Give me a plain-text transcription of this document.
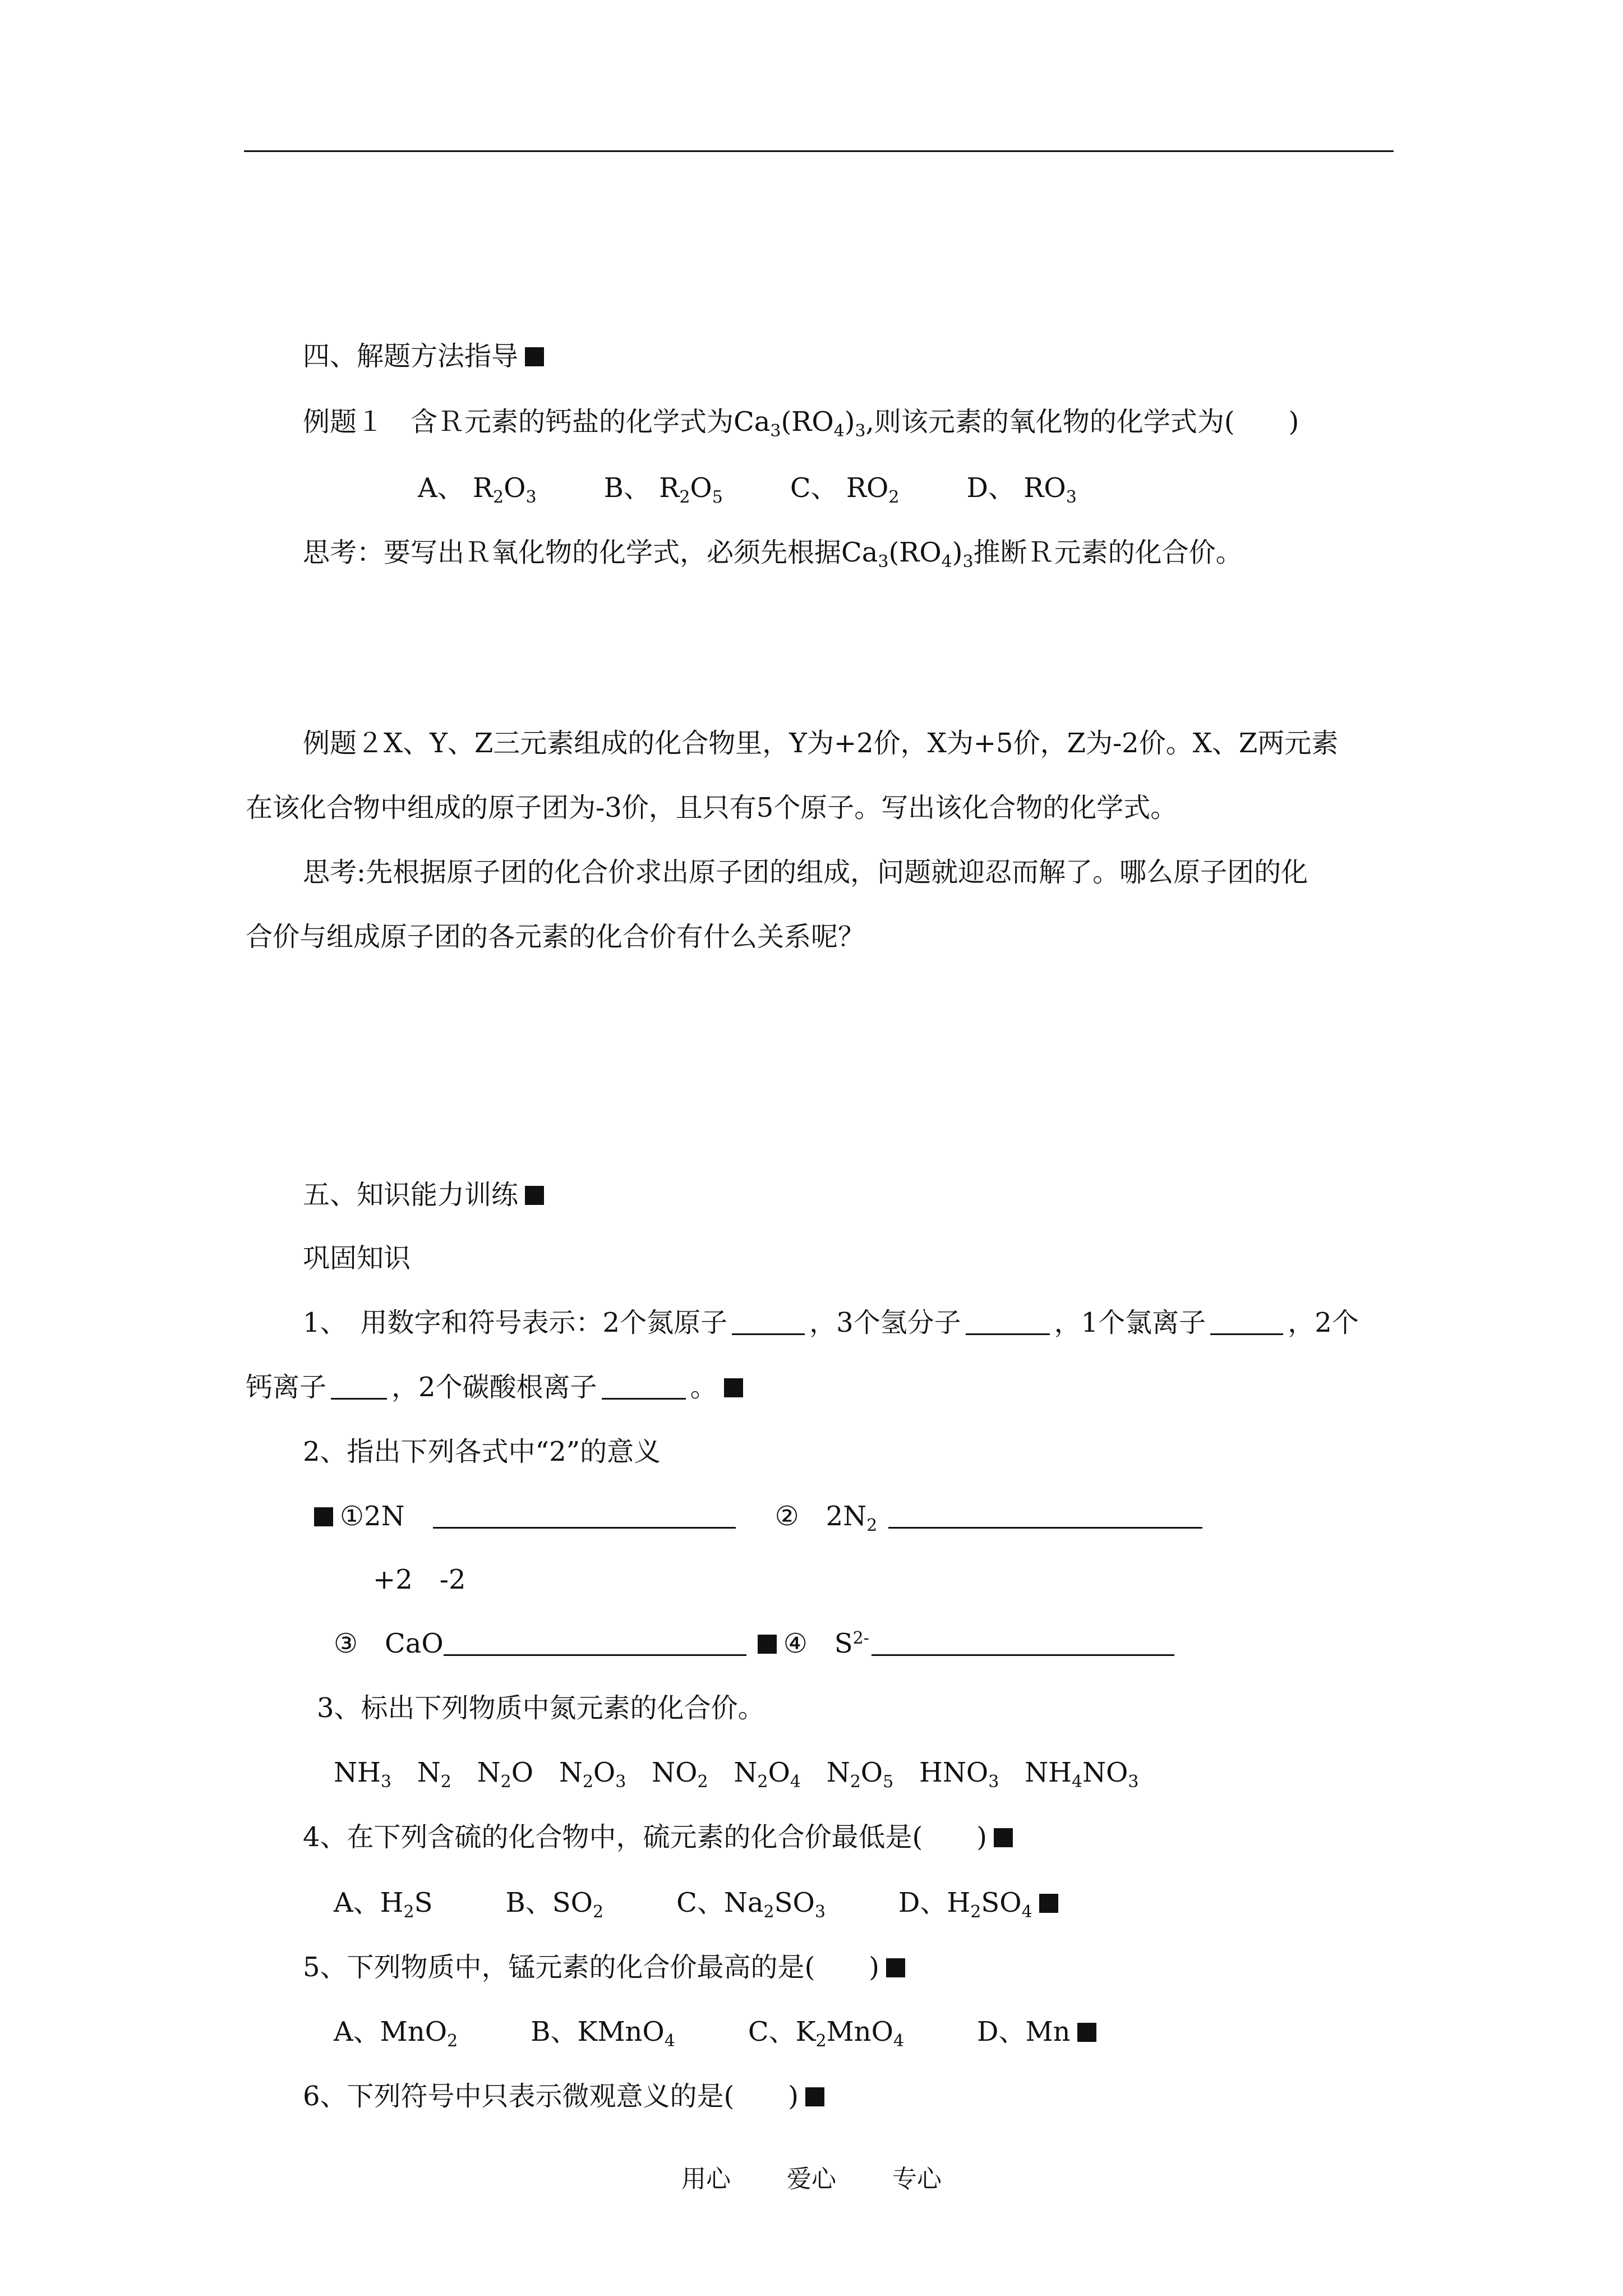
四、解题方法指导
例题１　含Ｒ元素的钙盐的化学式为$Ca_3(RO_4)_3$,则该元素的氧化物的化学式为(　　)
A、 $R_2O_3$	B、 $R_2O_5$	C、 $RO_2$	D、 $RO_3$
思考：要写出Ｒ氧化物的化学式，必须先根据$Ca_3(RO_4)_3$推断Ｒ元素的化合价。
例题２X、Y、Z三元素组成的化合物里，Y为+2价，X为+5价，Z为-2价。X、Z两元素
在该化合物中组成的原子团为-3价，且只有5个原子。写出该化合物的化学式。
思考:先根据原子团的化合价求出原子团的组成，问题就迎忍而解了。哪么原子团的化
合价与组成原子团的各元素的化合价有什么关系呢？
五、知识能力训练
巩固知识
1、　用数字和符号表示：2个氮原子	，3个氢分子	，1个氯离子	，2个
钙离子 ，2个碳酸根离子	。
2、指出下列各式中“2”的意义
①2N	②　$2N_2$
+2　-2
③　CaO	④　$S^{2-}$
3、标出下列物质中氮元素的化合价。
$NH_3$   $N_2$   $N_2O$   $N_2O_3$   $NO_2$   $N_2O_4$   $N_2O_5$   $HNO_3$   $NH_4NO_3$
4、在下列含硫的化合物中，硫元素的化合价最低是(　　)
A、$H_2S$	B、$SO_2$	C、$Na_2SO_3$	D、$H_2SO_4$
5、下列物质中，锰元素的化合价最高的是(　　)
A、MnO$_2$	B、KMnO$_4$	C、$K_2MnO_4$	D、Mn
6、下列符号中只表示微观意义的是(　　)
用心 爱心 专心
